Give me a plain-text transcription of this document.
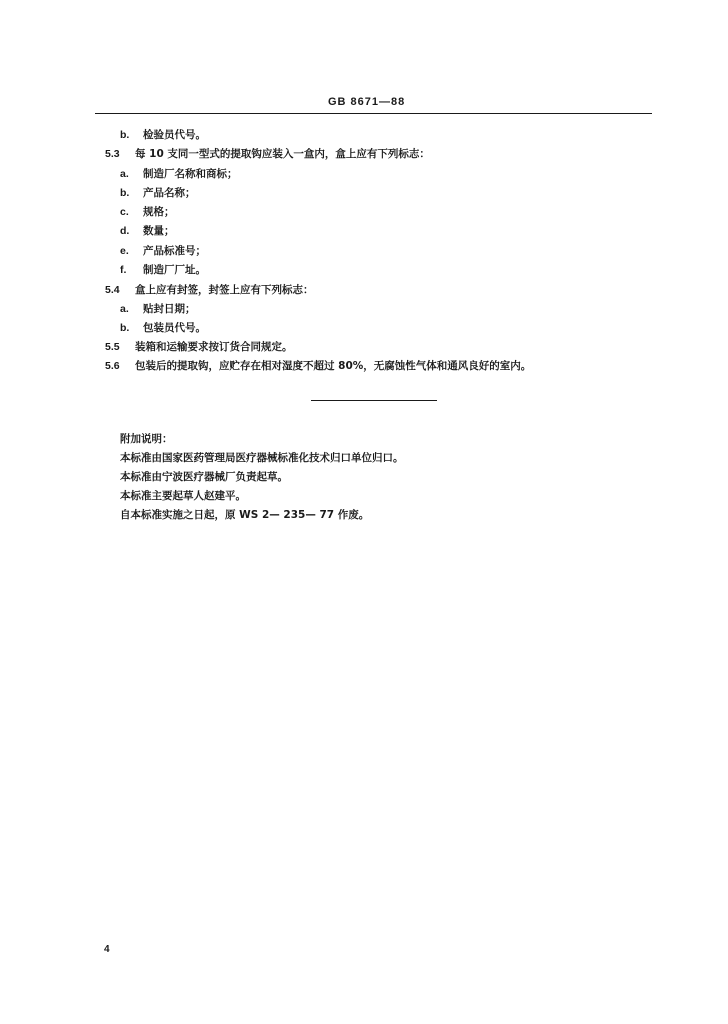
GB 8671—88
b. 检验员代号。
5.3 每 10 支同一型式的提取钩应装入一盒内，盒上应有下列标志：
a. 制造厂名称和商标；
b. 产品名称；
c. 规格；
d. 数量；
e. 产品标准号；
f. 制造厂厂址。
5.4 盒上应有封签，封签上应有下列标志：
a. 贴封日期；
b. 包装员代号。
5.5 装箱和运输要求按订货合同规定。
5.6 包装后的提取钩，应贮存在相对湿度不超过 80%，无腐蚀性气体和通风良好的室内。
附加说明：
本标准由国家医药管理局医疗器械标准化技术归口单位归口。
本标准由宁波医疗器械厂负责起草。
本标准主要起草人赵建平。
自本标准实施之日起，原 WS 2— 235— 77 作废。
4
